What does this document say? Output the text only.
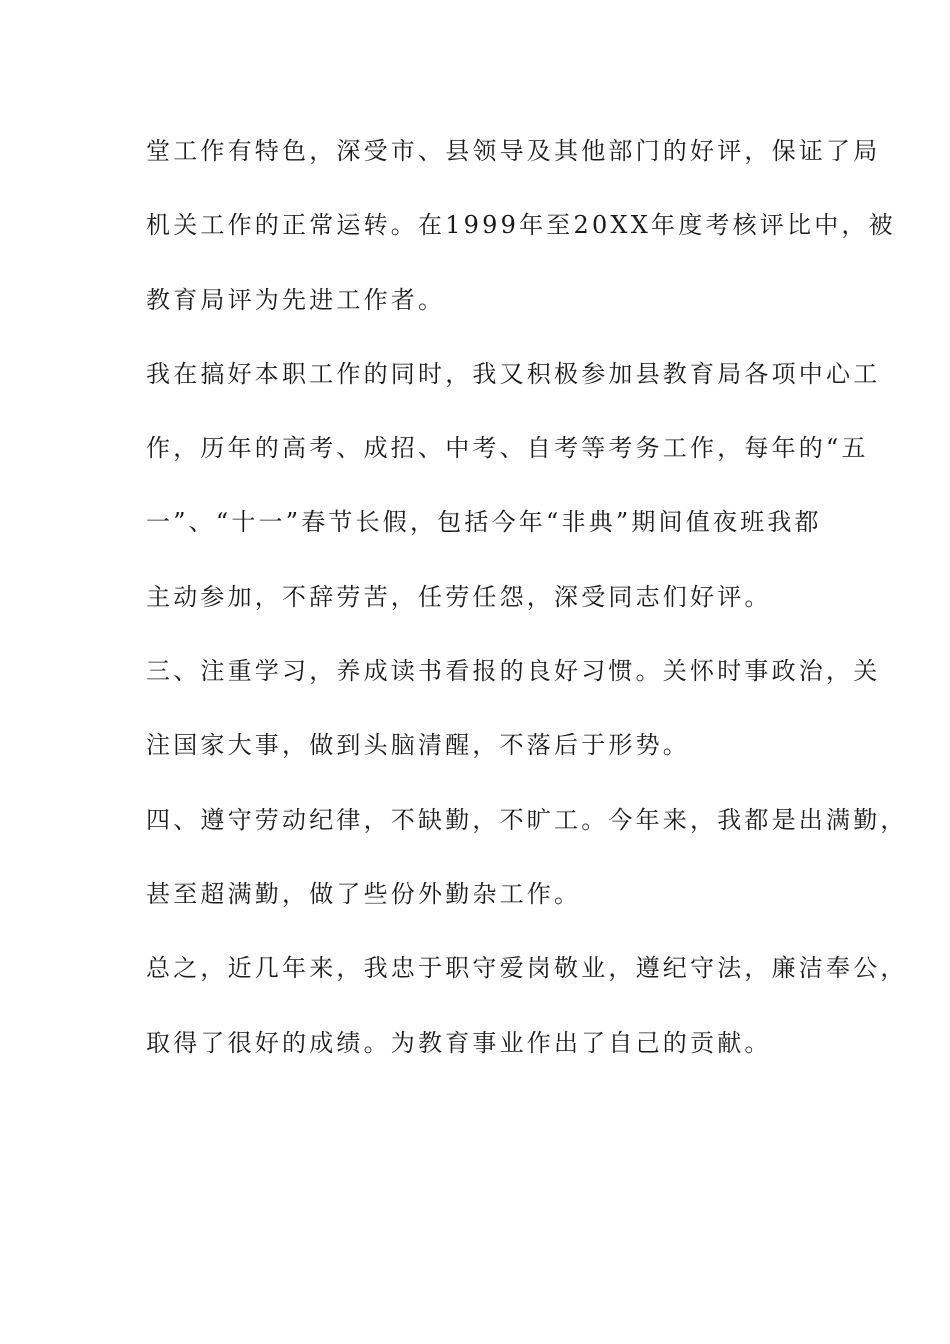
堂工作有特色，深受市、县领导及其他部门的好评，保证了局
机关工作的正常运转。在1999年至20XX年度考核评比中，被
教育局评为先进工作者。
我在搞好本职工作的同时，我又积极参加县教育局各项中心工
作，历年的高考、成招、中考、自考等考务工作，每年的“五
一”、“十一”春节长假，包括今年“非典”期间值夜班我都
主动参加，不辞劳苦，任劳任怨，深受同志们好评。
三、注重学习，养成读书看报的良好习惯。关怀时事政治，关
注国家大事，做到头脑清醒，不落后于形势。
四、遵守劳动纪律，不缺勤，不旷工。今年来，我都是出满勤，
甚至超满勤，做了些份外勤杂工作。
总之，近几年来，我忠于职守爱岗敬业，遵纪守法，廉洁奉公，
取得了很好的成绩。为教育事业作出了自己的贡献。
